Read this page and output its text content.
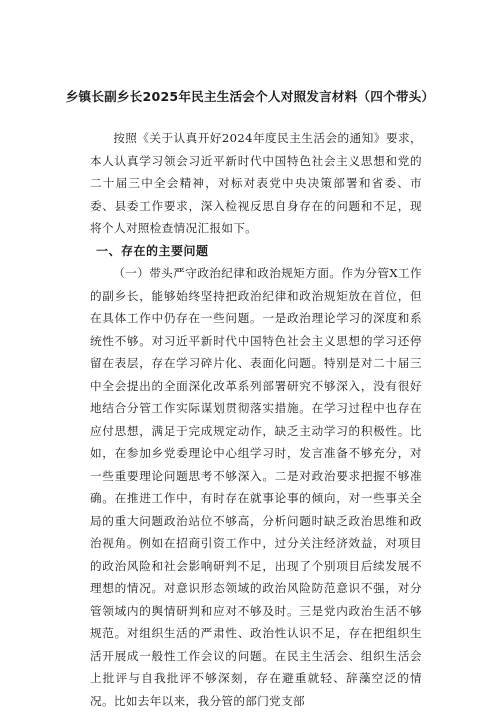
乡镇长副乡长2025年民主生活会个人对照发言材料（四个带头）

按照《关于认真开好2024年度民主生活会的通知》要求，本人认真学习领会习近平新时代中国特色社会主义思想和党的二十届三中全会精神，对标对表党中央决策部署和省委、市委、县委工作要求，深入检视反思自身存在的问题和不足，现将个人对照检查情况汇报如下。

一、存在的主要问题

（一）带头严守政治纪律和政治规矩方面。作为分管X工作的副乡长，能够始终坚持把政治纪律和政治规矩放在首位，但在具体工作中仍存在一些问题。一是政治理论学习的深度和系统性不够。对习近平新时代中国特色社会主义思想的学习还停留在表层，存在学习碎片化、表面化问题。特别是对二十届三中全会提出的全面深化改革系列部署研究不够深入，没有很好地结合分管工作实际谋划贯彻落实措施。在学习过程中也存在应付思想，满足于完成规定动作，缺乏主动学习的积极性。比如，在参加乡党委理论中心组学习时，发言准备不够充分，对一些重要理论问题思考不够深入。二是对政治要求把握不够准确。在推进工作中，有时存在就事论事的倾向，对一些事关全局的重大问题政治站位不够高，分析问题时缺乏政治思维和政治视角。例如在招商引资工作中，过分关注经济效益，对项目的政治风险和社会影响研判不足，出现了个别项目后续发展不理想的情况。对意识形态领域的政治风险防范意识不强，对分管领域内的舆情研判和应对不够及时。三是党内政治生活不够规范。对组织生活的严肃性、政治性认识不足，存在把组织生活开展成一般性工作会议的问题。在民主生活会、组织生活会上批评与自我批评不够深刻，存在避重就轻、辞藻空泛的情况。比如去年以来，我分管的部门党支部
